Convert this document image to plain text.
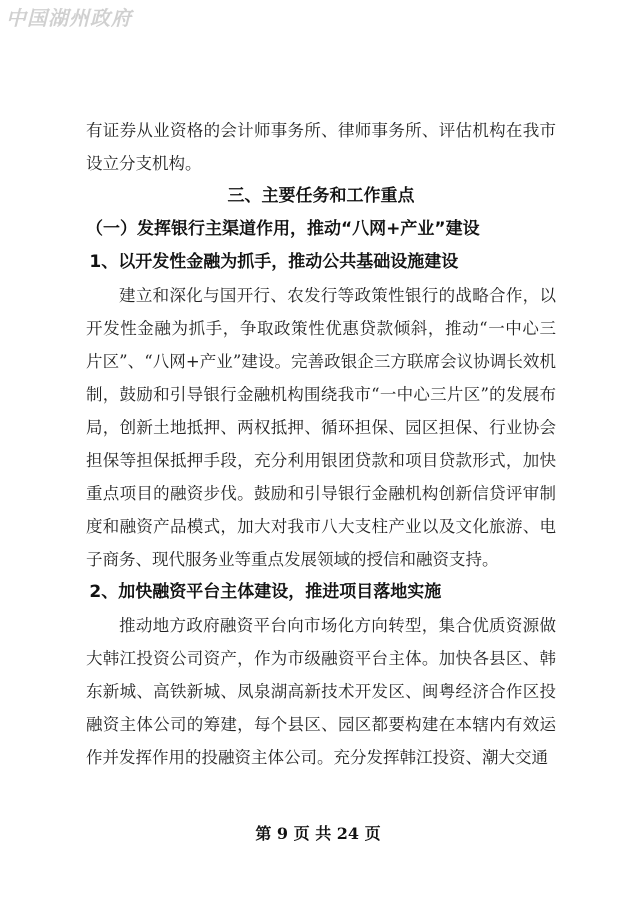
中国湖州政府

有证券从业资格的会计师事务所、律师事务所、评估机构在我市设立分支机构。

三、主要任务和工作重点

（一）发挥银行主渠道作用，推动“八网+产业”建设

1、以开发性金融为抓手，推动公共基础设施建设

建立和深化与国开行、农发行等政策性银行的战略合作，以开发性金融为抓手，争取政策性优惠贷款倾斜，推动“一中心三片区”、“八网+产业”建设。完善政银企三方联席会议协调长效机制，鼓励和引导银行金融机构围绕我市“一中心三片区”的发展布局，创新土地抵押、两权抵押、循环担保、园区担保、行业协会担保等担保抵押手段，充分利用银团贷款和项目贷款形式，加快重点项目的融资步伐。鼓励和引导银行金融机构创新信贷评审制度和融资产品模式，加大对我市八大支柱产业以及文化旅游、电子商务、现代服务业等重点发展领域的授信和融资支持。

2、加快融资平台主体建设，推进项目落地实施

推动地方政府融资平台向市场化方向转型，集合优质资源做大韩江投资公司资产，作为市级融资平台主体。加快各县区、韩东新城、高铁新城、凤泉湖高新技术开发区、闽粤经济合作区投融资主体公司的筹建，每个县区、园区都要构建在本辖内有效运作并发挥作用的投融资主体公司。充分发挥韩江投资、潮大交通

第 9 页 共 24 页
